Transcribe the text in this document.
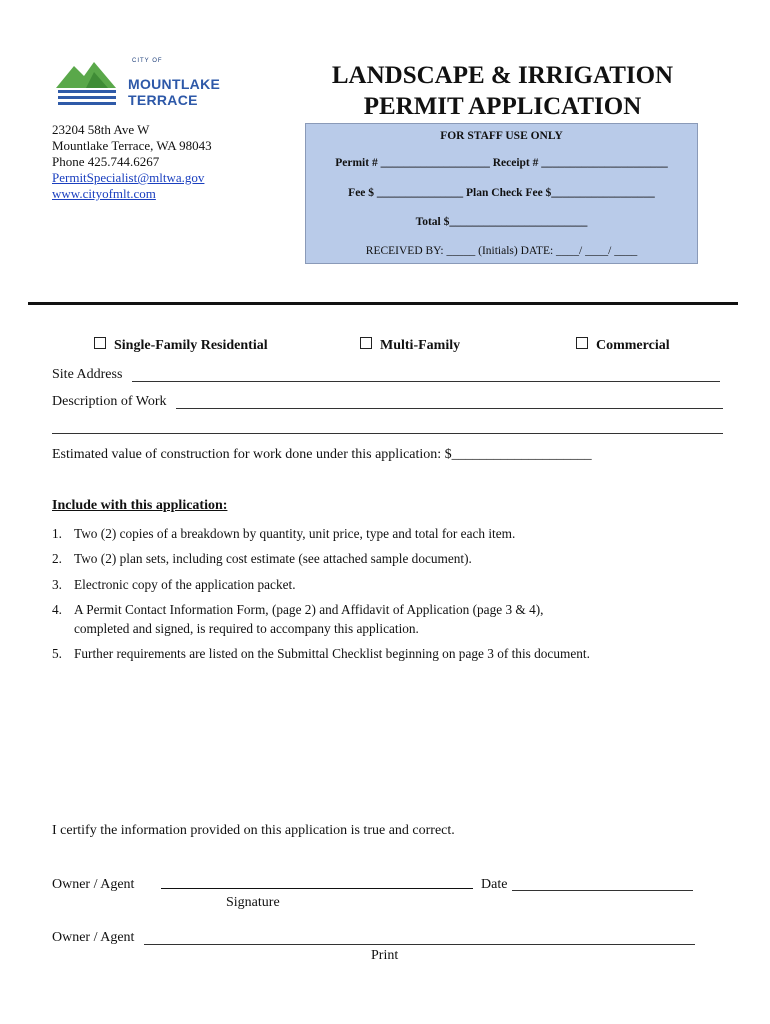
CITY OF
MOUNTLAKE
TERRACE
23204 58th Ave W
Mountlake Terrace, WA 98043
Phone 425.744.6267
PermitSpecialist@mltwa.gov
www.cityofmlt.com
LANDSCAPE & IRRIGATION
PERMIT APPLICATION
FOR STAFF USE ONLY
Permit # ___________________ Receipt # ______________________
Fee $ _______________ Plan Check Fee $__________________
Total $________________________
RECEIVED BY: _____ (Initials) DATE: ____/ ____/ ____
Single-Family Residential	Multi-Family	Commercial
Site Address
Description of Work
Estimated value of construction for work done under this application: $____________________
Include with this application:
1. Two (2) copies of a breakdown by quantity, unit price, type and total for each item.
2. Two (2) plan sets, including cost estimate (see attached sample document).
3. Electronic copy of the application packet.
4. A Permit Contact Information Form, (page 2) and Affidavit of Application (page 3 & 4),
completed and signed, is required to accompany this application.
5. Further requirements are listed on the Submittal Checklist beginning on page 3 of this document.
I certify the information provided on this application is true and correct.
Owner / Agent	Date
Signature
Owner / Agent
Print
